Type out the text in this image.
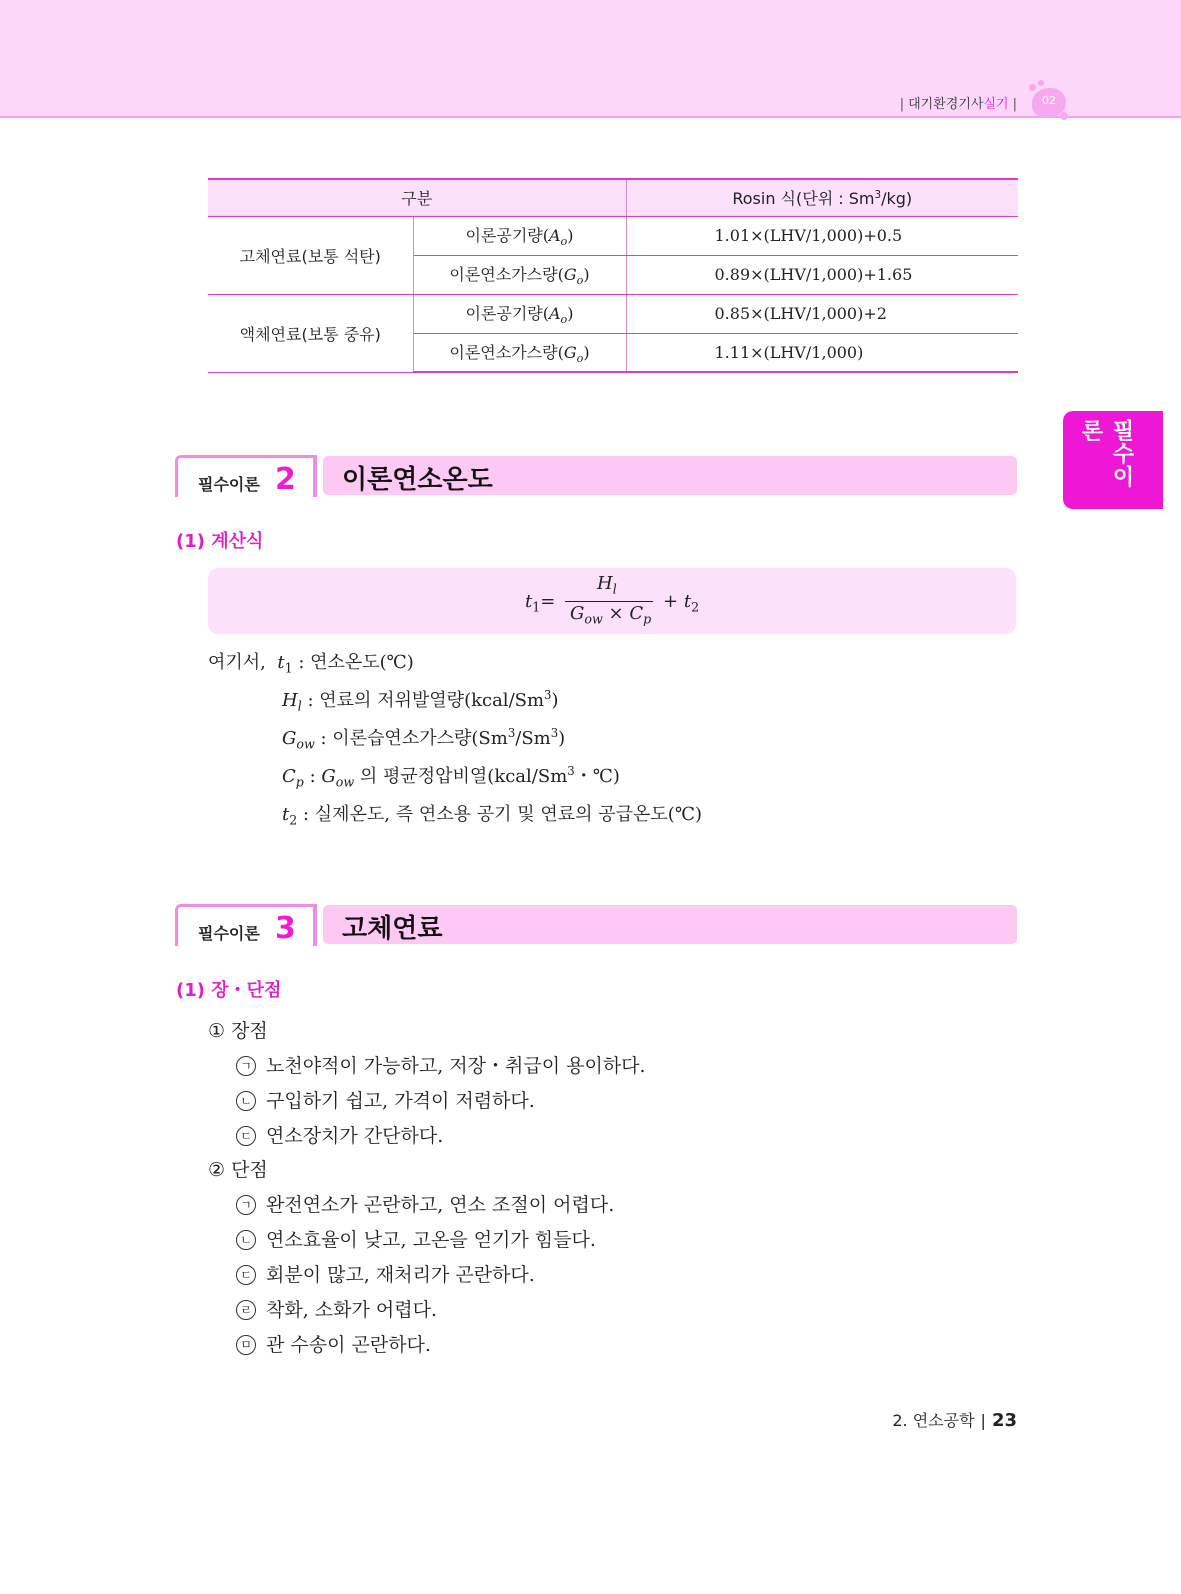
| 대기환경기사실기 |	02
필수이론
구분		Rosin 식(단위 : Sm$^3$/kg)
고체연료(보통 석탄)	이론공기량$(A_o)$	1.01×(LHV/1,000)+0.5
	이론연소가스량$(G_o)$	0.89×(LHV/1,000)+1.65
액체연료(보통 중유)	이론공기량$(A_o)$	0.85×(LHV/1,000)+2
	이론연소가스량$(G_o)$	1.11×(LHV/1,000)
필수이론 2 이론연소온도
(1) 계산식
$t_1=$
$H_l$
$G_{ow} \times C_p$
+ $t_2$
여기서, $t_1$ : 연소온도(℃)
$H_l$ : 연료의 저위발열량(kcal/Sm$^3$)
$G_{ow}$ : 이론습연소가스량(Sm$^3$/Sm$^3$)
$C_p$ : $G_{ow}$ 의 평균정압비열(kcal/Sm$^3$・℃)
$t_2$ : 실제온도, 즉 연소용 공기 및 연료의 공급온도(℃)
필수이론 3 고체연료
(1) 장・단점
① 장점
ㄱ 노천야적이 가능하고, 저장・취급이 용이하다.
ㄴ 구입하기 쉽고, 가격이 저렴하다.
ㄷ 연소장치가 간단하다.
② 단점
ㄱ 완전연소가 곤란하고, 연소 조절이 어렵다.
ㄴ 연소효율이 낮고, 고온을 얻기가 힘들다.
ㄷ 회분이 많고, 재처리가 곤란하다.
ㄹ 착화, 소화가 어렵다.
ㅁ 관 수송이 곤란하다.
2. 연소공학 | 23
